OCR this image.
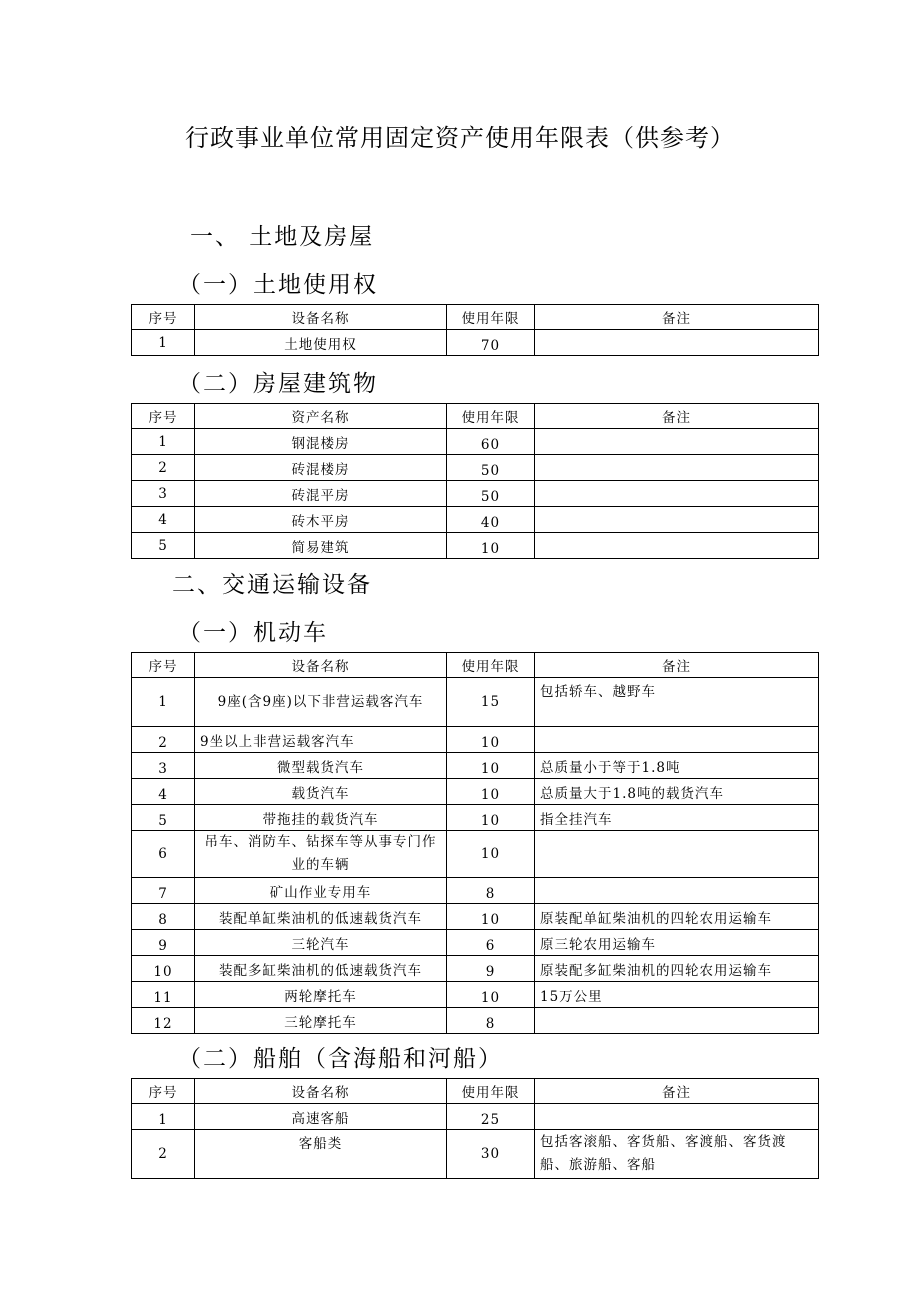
行政事业单位常用固定资产使用年限表（供参考）
一、 土地及房屋
（一）土地使用权
序号	设备名称	使用年限	备注
1	土地使用权	70	
（二）房屋建筑物
序号	资产名称	使用年限	备注
1	钢混楼房	60	
2	砖混楼房	50	
3	砖混平房	50	
4	砖木平房	40	
5	简易建筑	10	
二、交通运输设备
（一）机动车
序号	设备名称	使用年限	备注
1	9座(含9座)以下非营运载客汽车	15	包括轿车、越野车
2	9坐以上非营运载客汽车	10	
3	微型载货汽车	10	总质量小于等于1.8吨
4	载货汽车	10	总质量大于1.8吨的载货汽车
5	带拖挂的载货汽车	10	指全挂汽车
6	吊车、消防车、钻探车等从事专门作业的车辆	10	
7	矿山作业专用车	8	
8	装配单缸柴油机的低速载货汽车	10	原装配单缸柴油机的四轮农用运输车
9	三轮汽车	6	原三轮农用运输车
10	装配多缸柴油机的低速载货汽车	9	原装配多缸柴油机的四轮农用运输车
11	两轮摩托车	10	15万公里
12	三轮摩托车	8	
（二）船舶（含海船和河船）
序号	设备名称	使用年限	备注
1	高速客船	25	
2	客船类	30	包括客滚船、客货船、客渡船、客货渡船、旅游船、客船
